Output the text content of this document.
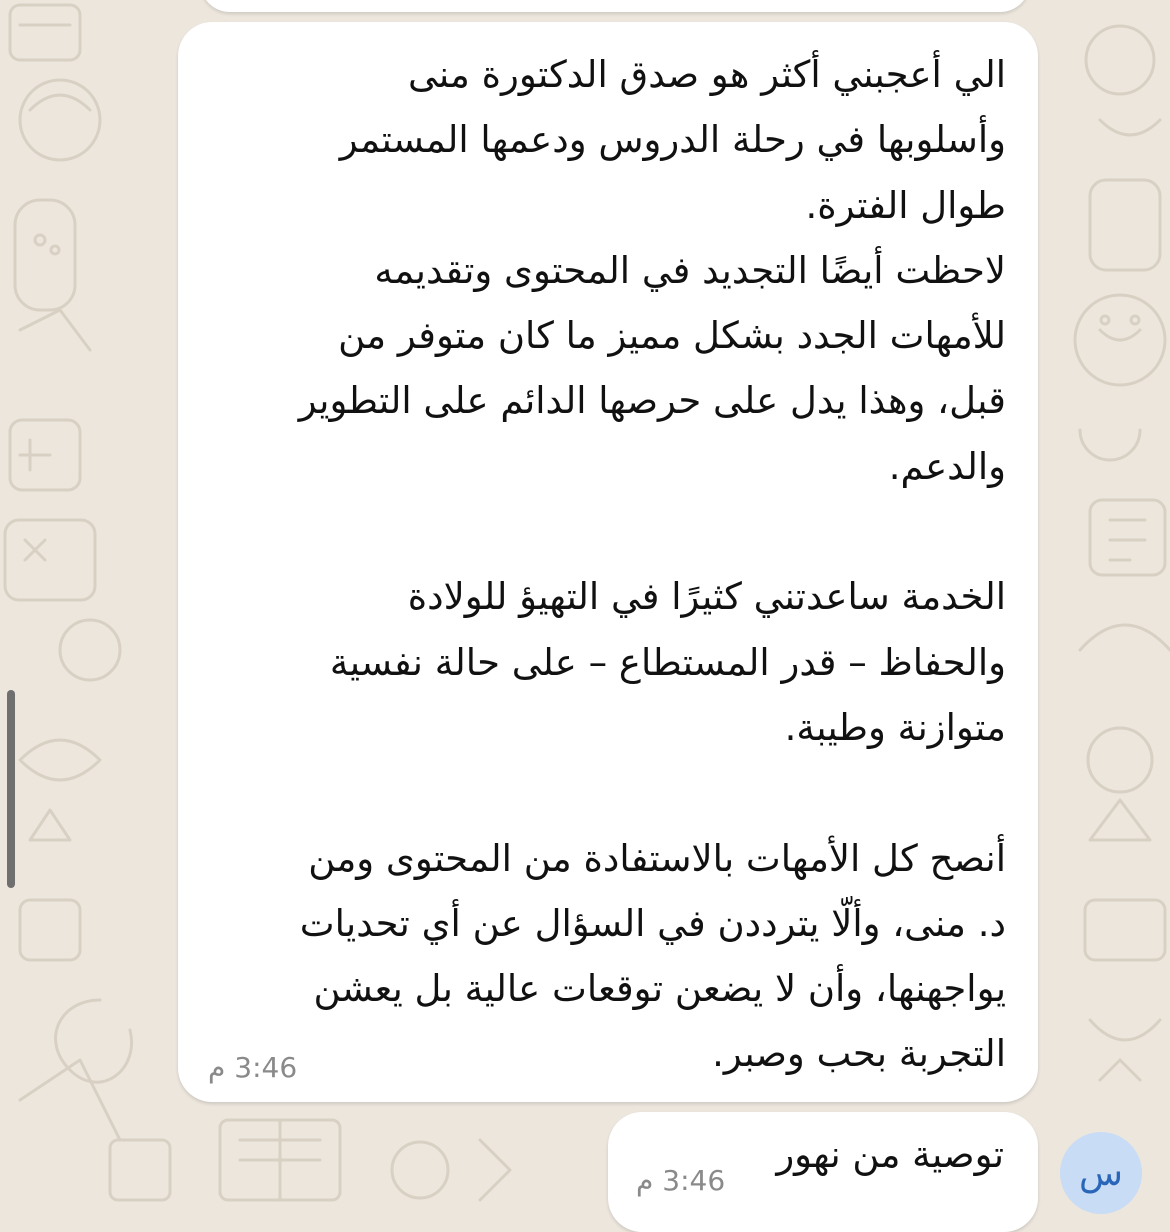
الي أعجبني أكثر هو صدق الدكتورة منى
وأسلوبها في رحلة الدروس ودعمها المستمر
طوال الفترة.
لاحظت أيضًا التجديد في المحتوى وتقديمه
للأمهات الجدد بشكل مميز ما كان متوفر من
قبل، وهذا يدل على حرصها الدائم على التطوير
والدعم.

الخدمة ساعدتني كثيرًا في التهيؤ للولادة
والحفاظ – قدر المستطاع – على حالة نفسية
متوازنة وطيبة.

أنصح كل الأمهات بالاستفادة من المحتوى ومن
د. منى، وألّا يترددن في السؤال عن أي تحديات
يواجهنها، وأن لا يضعن توقعات عالية بل يعشن
التجربة بحب وصبر.

3:46 م
توصية من نهور
3:46 م	س
